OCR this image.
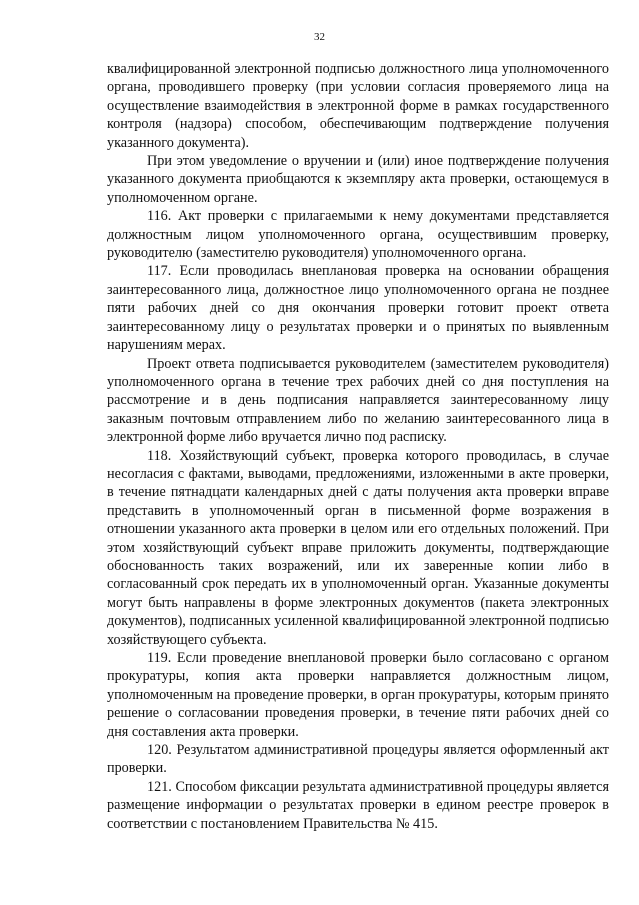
32

квалифицированной электронной подписью должностного лица уполномоченного органа, проводившего проверку (при условии согласия проверяемого лица на осуществление взаимодействия в электронной форме в рамках государственного контроля (надзора) способом, обеспечивающим подтверждение получения указанного документа).

При этом уведомление о вручении и (или) иное подтверждение получения указанного документа приобщаются к экземпляру акта проверки, остающемуся в уполномоченном органе.

116. Акт проверки с прилагаемыми к нему документами представляется должностным лицом уполномоченного органа, осуществившим проверку, руководителю (заместителю руководителя) уполномоченного органа.

117. Если проводилась внеплановая проверка на основании обращения заинтересованного лица, должностное лицо уполномоченного органа не позднее пяти рабочих дней со дня окончания проверки готовит проект ответа заинтересованному лицу о результатах проверки и о принятых по выявленным нарушениям мерах.

Проект ответа подписывается руководителем (заместителем руководителя) уполномоченного органа в течение трех рабочих дней со дня поступления на рассмотрение и в день подписания направляется заинтересованному лицу заказным почтовым отправлением либо по желанию заинтересованного лица в электронной форме либо вручается лично под расписку.

118. Хозяйствующий субъект, проверка которого проводилась, в случае несогласия с фактами, выводами, предложениями, изложенными в акте проверки, в течение пятнадцати календарных дней с даты получения акта проверки вправе представить в уполномоченный орган в письменной форме возражения в отношении указанного акта проверки в целом или его отдельных положений. При этом хозяйствующий субъект вправе приложить документы, подтверждающие обоснованность таких возражений, или их заверенные копии либо в согласованный срок передать их в уполномоченный орган. Указанные документы могут быть направлены в форме электронных документов (пакета электронных документов), подписанных усиленной квалифицированной электронной подписью хозяйствующего субъекта.

119. Если проведение внеплановой проверки было согласовано с органом прокуратуры, копия акта проверки направляется должностным лицом, уполномоченным на проведение проверки, в орган прокуратуры, которым принято решение о согласовании проведения проверки, в течение пяти рабочих дней со дня составления акта проверки.

120. Результатом административной процедуры является оформленный акт проверки.

121. Способом фиксации результата административной процедуры является размещение информации о результатах проверки в едином реестре проверок в соответствии с постановлением Правительства № 415.
